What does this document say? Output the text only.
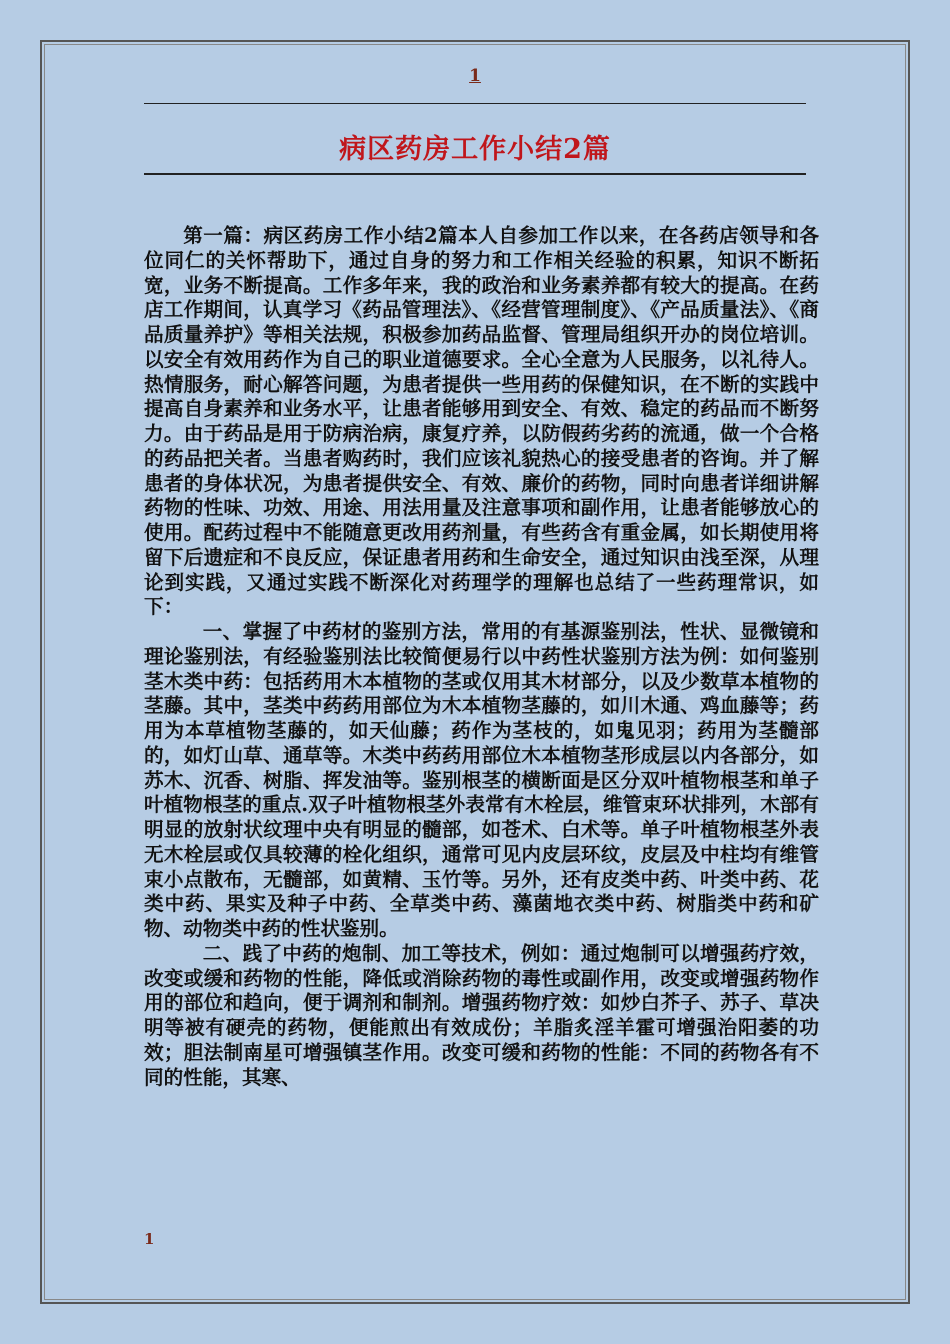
1
病区药房工作小结2篇

第一篇：病区药房工作小结2篇本人自参加工作以来，在各药店领导和各位同仁的关怀帮助下，通过自身的努力和工作相关经验的积累，知识不断拓宽，业务不断提高。工作多年来，我的政治和业务素养都有较大的提高。在药店工作期间，认真学习《药品管理法》、《经营管理制度》、《产品质量法》、《商品质量养护》等相关法规，积极参加药品监督、管理局组织开办的岗位培训。以安全有效用药作为自己的职业道德要求。全心全意为人民服务，以礼待人。热情服务，耐心解答问题，为患者提供一些用药的保健知识，在不断的实践中提高自身素养和业务水平，让患者能够用到安全、有效、稳定的药品而不断努力。由于药品是用于防病治病，康复疗养，以防假药劣药的流通，做一个合格的药品把关者。当患者购药时，我们应该礼貌热心的接受患者的咨询。并了解患者的身体状况，为患者提供安全、有效、廉价的药物，同时向患者详细讲解药物的性味、功效、用途、用法用量及注意事项和副作用，让患者能够放心的使用。配药过程中不能随意更改用药剂量，有些药含有重金属，如长期使用将留下后遗症和不良反应，保证患者用药和生命安全，通过知识由浅至深，从理论到实践，又通过实践不断深化对药理学的理解也总结了一些药理常识，如下：

一、掌握了中药材的鉴别方法，常用的有基源鉴别法，性状、显微镜和理论鉴别法，有经验鉴别法比较简便易行以中药性状鉴别方法为例：如何鉴别茎木类中药：包括药用木本植物的茎或仅用其木材部分，以及少数草本植物的茎藤。其中，茎类中药药用部位为木本植物茎藤的，如川木通、鸡血藤等；药用为本草植物茎藤的，如天仙藤；药作为茎枝的，如鬼见羽；药用为茎髓部的，如灯山草、通草等。木类中药药用部位木本植物茎形成层以内各部分，如苏木、沉香、树脂、挥发油等。鉴别根茎的横断面是区分双叶植物根茎和单子叶植物根茎的重点.双子叶植物根茎外表常有木栓层，维管束环状排列，木部有明显的放射状纹理中央有明显的髓部，如苍术、白术等。单子叶植物根茎外表无木栓层或仅具较薄的栓化组织，通常可见内皮层环纹，皮层及中柱均有维管束小点散布，无髓部，如黄精、玉竹等。另外，还有皮类中药、叶类中药、花类中药、果实及种子中药、全草类中药、藻菌地衣类中药、树脂类中药和矿物、动物类中药的性状鉴别。

二、践了中药的炮制、加工等技术，例如：通过炮制可以增强药疗效，改变或缓和药物的性能，降低或消除药物的毒性或副作用，改变或增强药物作用的部位和趋向，便于调剂和制剂。增强药物疗效：如炒白芥子、苏子、草决明等被有硬壳的药物，便能煎出有效成份；羊脂炙淫羊霍可增强治阳萎的功效；胆法制南星可增强镇茎作用。改变可缓和药物的性能：不同的药物各有不同的性能，其寒、

1
